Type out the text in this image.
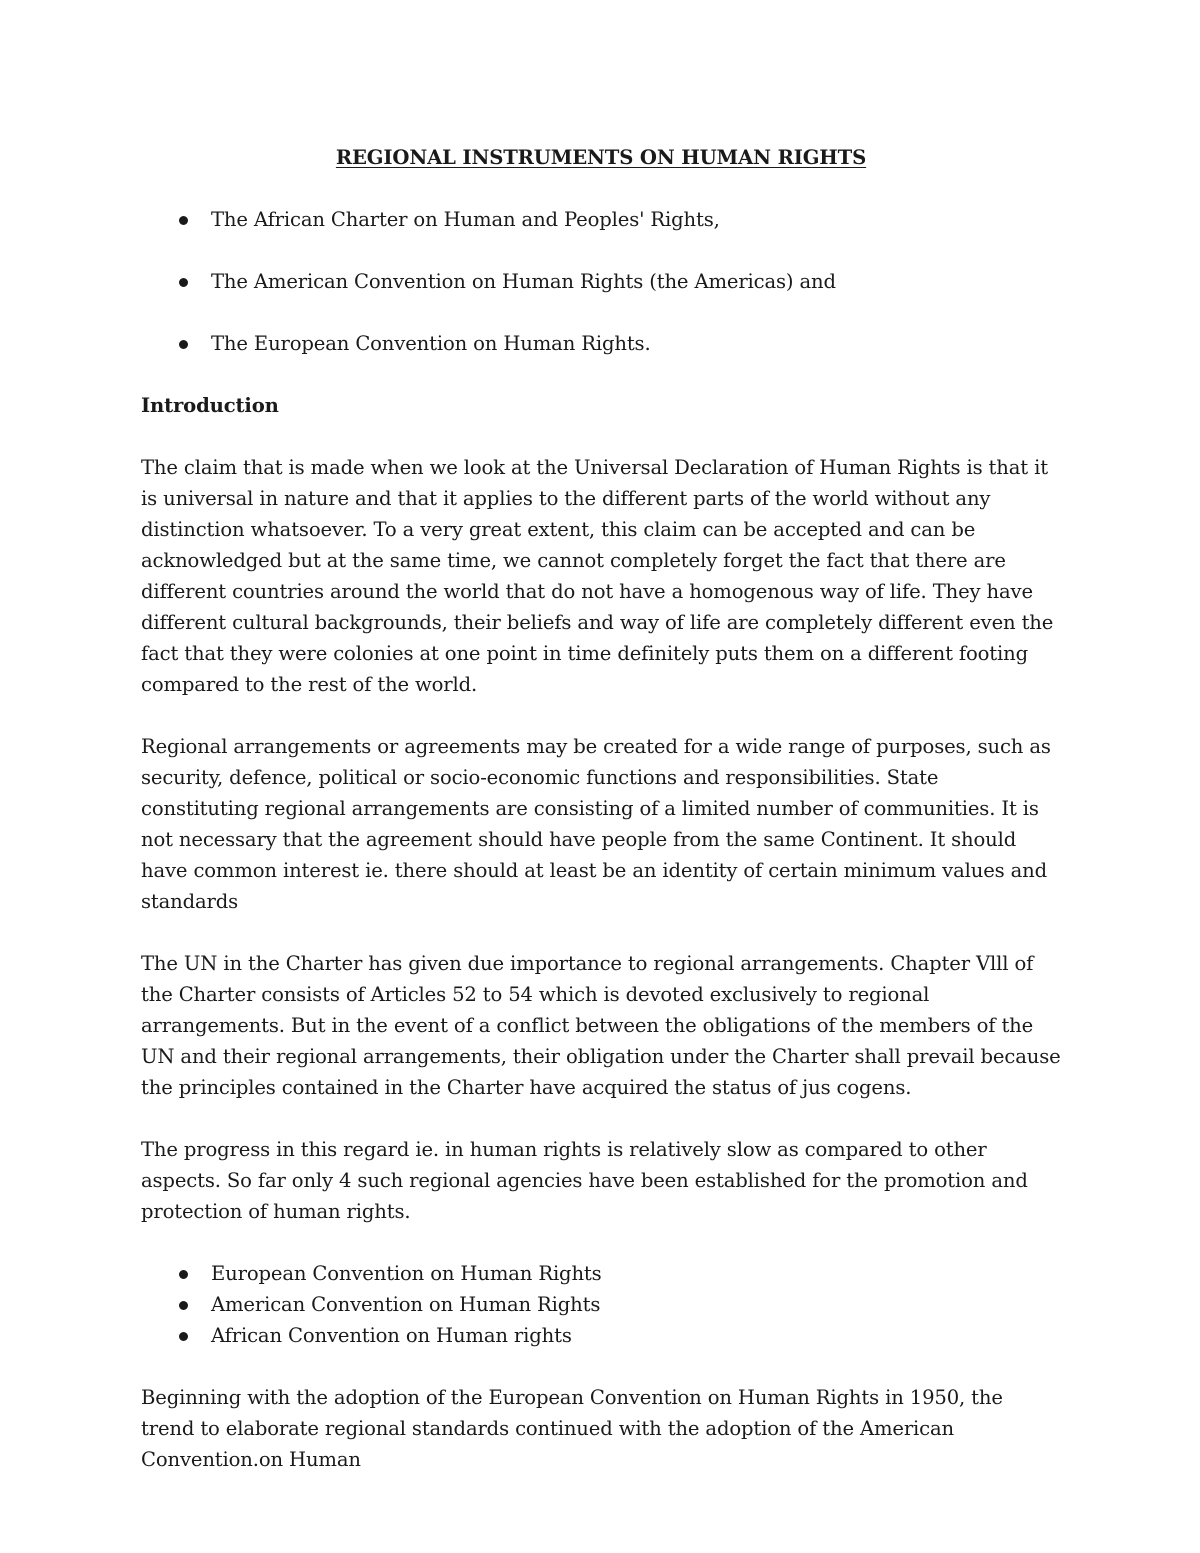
REGIONAL INSTRUMENTS ON HUMAN RIGHTS
The African Charter on Human and Peoples' Rights,
The American Convention on Human Rights (the Americas) and
The European Convention on Human Rights.
Introduction

The claim that is made when we look at the Universal Declaration of Human Rights is that it is universal in nature and that it applies to the different parts of the world without any distinction whatsoever. To a very great extent, this claim can be accepted and can be acknowledged but at the same time, we cannot completely forget the fact that there are different countries around the world that do not have a homogenous way of life. They have different cultural backgrounds, their beliefs and way of life are completely different even the fact that they were colonies at one point in time definitely puts them on a different footing compared to the rest of the world.

Regional arrangements or agreements may be created for a wide range of purposes, such as security, defence, political or socio-economic functions and responsibilities. State constituting regional arrangements are consisting of a limited number of communities. It is not necessary that the agreement should have people from the same Continent. It should have common interest ie. there should at least be an identity of certain minimum values and standards

The UN in the Charter has given due importance to regional arrangements. Chapter Vlll of the Charter consists of Articles 52 to 54 which is devoted exclusively to regional arrangements. But in the event of a conflict between the obligations of the members of the UN and their regional arrangements, their obligation under the Charter shall prevail because the principles contained in the Charter have acquired the status of jus cogens.

The progress in this regard ie. in human rights is relatively slow as compared to other aspects. So far only 4 such regional agencies have been established for the promotion and protection of human rights.

European Convention on Human Rights
American Convention on Human Rights
African Convention on Human rights

Beginning with the adoption of the European Convention on Human Rights in 1950, the trend to elaborate regional standards continued with the adoption of the American Convention.on Human
